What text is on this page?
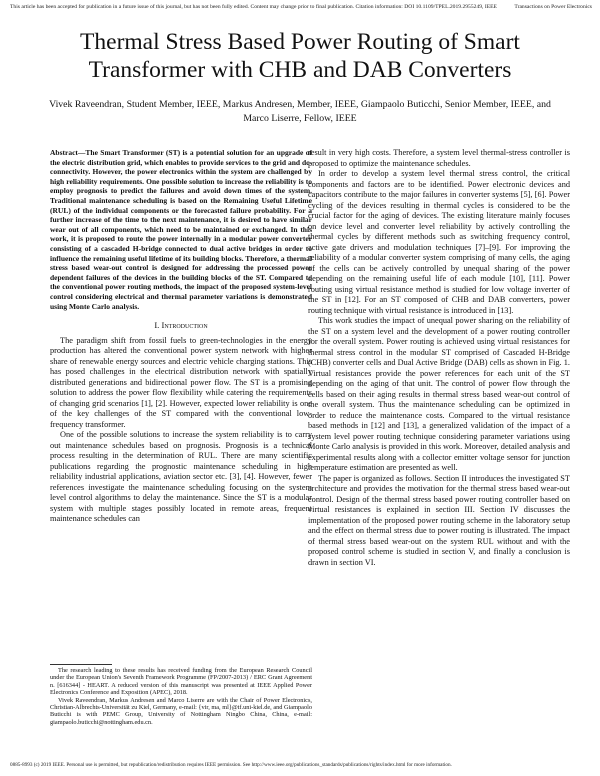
This article has been accepted for publication in a future issue of this journal, but has not been fully edited. Content may change prior to final publication. Citation information: DOI 10.1109/TPEL.2019.2955249, IEEE	Transactions on Power Electronics
Thermal Stress Based Power Routing of Smart Transformer with CHB and DAB Converters
Vivek Raveendran, Student Member, IEEE, Markus Andresen, Member, IEEE, Giampaolo Buticchi, Senior Member, IEEE, and Marco Liserre, Fellow, IEEE
Abstract—The Smart Transformer (ST) is a potential solution for an upgrade of the electric distribution grid, which enables to provide services to the grid and dc-connectivity. However, the power electronics within the system are challenged by high reliability requirements. One possible solution to increase the reliability is to employ prognosis to predict the failures and avoid down times of the system. Traditional maintenance scheduling is based on the Remaining Useful Lifetime (RUL) of the individual components or the forecasted failure probability. For a further increase of the time to the next maintenance, it is desired to have similar wear out of all components, which need to be maintained or exchanged. In this work, it is proposed to route the power internally in a modular power converter consisting of a cascaded H-bridge connected to dual active bridges in order to influence the remaining useful lifetime of its building blocks. Therefore, a thermal stress based wear-out control is designed for addressing the processed power dependent failures of the devices in the building blocks of the ST. Compared to the conventional power routing methods, the impact of the proposed system-level control considering electrical and thermal parameter variations is demonstrated using Monte Carlo analysis.
I. Introduction

The paradigm shift from fossil fuels to green-technologies in the energy production has altered the conventional power system network with higher share of renewable energy sources and electric vehicle charging stations. This has posed challenges in the electrical distribution network with spatially distributed generations and bidirectional power flow. The ST is a promising solution to address the power flow flexibility while catering the requirements of changing grid scenarios [1], [2]. However, expected lower reliability is one of the key challenges of the ST compared with the conventional low-frequency transformer.

One of the possible solutions to increase the system reliability is to carry out maintenance schedules based on prognosis. Prognosis is a technical process resulting in the determination of RUL. There are many scientific publications regarding the prognostic maintenance scheduling in high reliability industrial applications, aviation sector etc. [3], [4]. However, fewer references investigate the maintenance scheduling focusing on the system level control algorithms to delay the maintenance. Since the ST is a modular system with multiple stages possibly located in remote areas, frequent maintenance schedules can

result in very high costs. Therefore, a system level thermal-stress controller is proposed to optimize the maintenance schedules.

In order to develop a system level thermal stress control, the critical components and factors are to be identified. Power electronic devices and capacitors contribute to the major failures in converter systems [5], [6]. Power cycling of the devices resulting in thermal cycles is considered to be the crucial factor for the aging of devices. The existing literature mainly focuses on device level and converter level reliability by actively controlling the thermal cycles by different methods such as switching frequency control, active gate drivers and modulation techniques [7]–[9]. For improving the reliability of a modular converter system comprising of many cells, the aging of the cells can be actively controlled by unequal sharing of the power depending on the remaining useful life of each module [10], [11]. Power routing using virtual resistance method is studied for low voltage inverter of the ST in [12]. For an ST composed of CHB and DAB converters, power routing technique with virtual resistance is introduced in [13].

This work studies the impact of unequal power sharing on the reliability of the ST on a system level and the development of a power routing controller for the overall system. Power routing is achieved using virtual resistances for thermal stress control in the modular ST comprised of Cascaded H-Bridge (CHB) converter cells and Dual Active Bridge (DAB) cells as shown in Fig. 1. Virtual resistances provide the power references for each unit of the ST depending on the aging of that unit. The control of power flow through the cells based on their aging results in thermal stress based wear-out control of the overall system. Thus the maintenance scheduling can be optimized in order to reduce the maintenance costs. Compared to the virtual resistance based methods in [12] and [13], a generalized validation of the impact of a system level power routing technique considering parameter variations using Monte Carlo analysis is provided in this work. Moreover, detailed analysis and experimental results along with a collector emitter voltage sensor for junction temperature estimation are presented as well.

The paper is organized as follows. Section II introduces the investigated ST architecture and provides the motivation for the thermal stress based wear-out control. Design of the thermal stress based power routing controller based on virtual resistances is explained in section III. Section IV discusses the implementation of the proposed power routing scheme in the laboratory setup and the effect on thermal stress due to power routing is illustrated. The impact of thermal stress based wear-out on the system RUL without and with the proposed control scheme is studied in section V, and finally a conclusion is drawn in section VI.

The research leading to these results has received funding from the European Research Council under the European Union's Seventh Framework Programme (FP/2007-2013) / ERC Grant Agreement n. [616344] - HEART. A reduced version of this manuscript was presented at IEEE Applied Power Electronics Conference and Exposition (APEC), 2018.

Vivek Raveendran, Markus Andresen and Marco Liserre are with the Chair of Power Electronics, Christian-Albrechts-Universität zu Kiel, Germany, e-mail: {vir, ma, ml}@tf.uni-kiel.de, and Giampaolo Buticchi is with PEMC Group, University of Nottingham Ningbo China, China, e-mail: giampaolo.buticchi@nottingham.edu.cn.

0885-8993 (c) 2019 IEEE. Personal use is permitted, but republication/redistribution requires IEEE permission. See http://www.ieee.org/publications_standards/publications/rights/index.html for more information.
